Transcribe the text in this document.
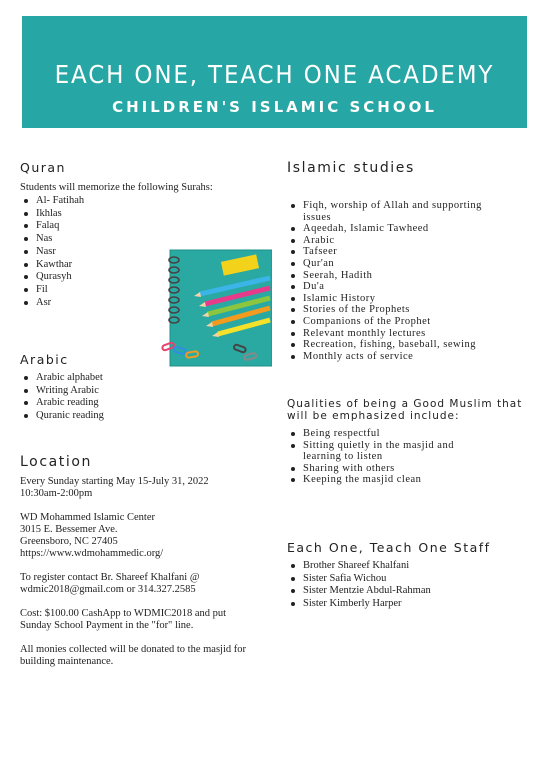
EACH ONE, TEACH ONE ACADEMY
CHILDREN'S ISLAMIC SCHOOL
Quran
Students will memorize the following Surahs:
Al- Fatihah
Ikhlas
Falaq
Nas
Nasr
Kawthar
Qurasyh
Fil
Asr
Arabic
Arabic alphabet
Writing Arabic
Arabic reading
Quranic reading
Location
Every Sunday starting May 15-July 31, 2022
10:30am-2:00pm
WD Mohammed Islamic Center
3015 E. Bessemer Ave.
Greensboro, NC 27405
https://www.wdmohammedic.org/
To register contact Br. Shareef Khalfani @
wdmic2018@gmail.com or 314.327.2585
Cost: $100.00 CashApp to WDMIC2018 and put
Sunday School Payment in the "for" line.
All monies collected will be donated to the masjid for
building maintenance.
Islamic studies
Fiqh, worship of Allah and supporting
issues
Aqeedah, Islamic Tawheed
Arabic
Tafseer
Qur'an
Seerah, Hadith
Du'a
Islamic History
Stories of the Prophets
Companions of the Prophet
Relevant monthly lectures
Recreation, fishing, baseball, sewing
Monthly acts of service
Qualities of being a Good Muslim that
will be emphasized include:
Being respectful
Sitting quietly in the masjid and
learning to listen
Sharing with others
Keeping the masjid clean
Each One, Teach One Staff
Brother Shareef Khalfani
Sister Safia Wichou
Sister Mentzie Abdul-Rahman
Sister Kimberly Harper
